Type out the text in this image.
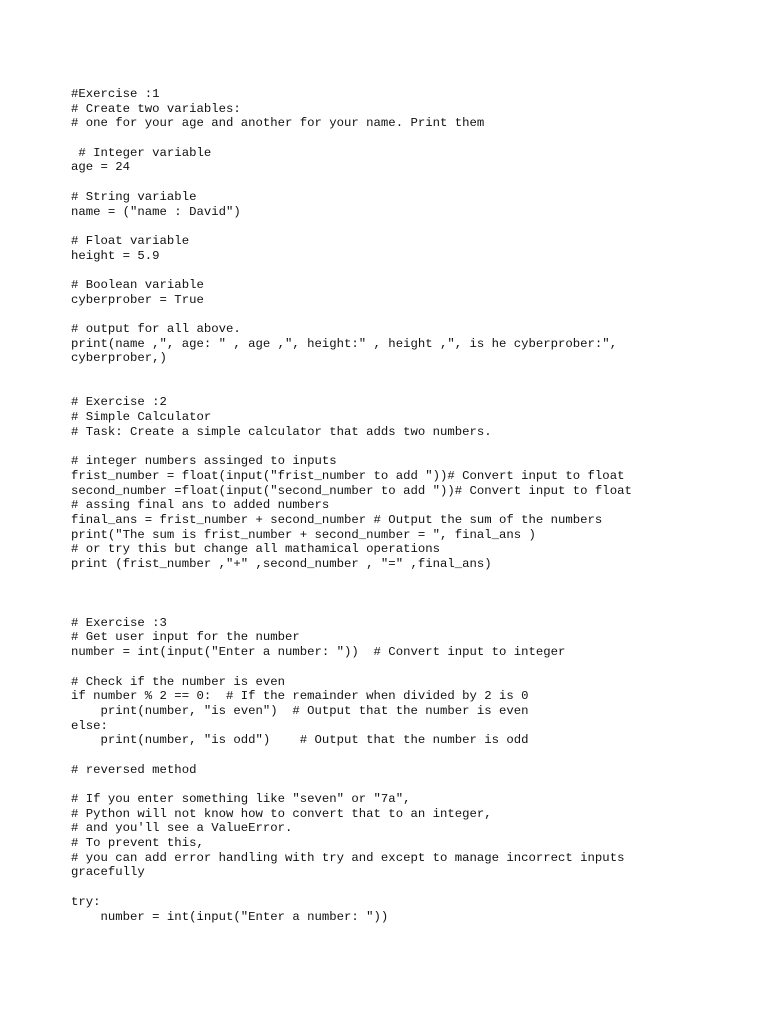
#Exercise :1
# Create two variables:
# one for your age and another for your name. Print them
# Integer variable
age = 24
# String variable
name = ("name : David")
# Float variable
height = 5.9
# Boolean variable
cyberprober = True
# output for all above.
print(name ,", age: " , age ,", height:" , height ,", is he cyberprober:",
cyberprober,)
# Exercise :2
# Simple Calculator
# Task: Create a simple calculator that adds two numbers.
# integer numbers assinged to inputs
frist_number = float(input("frist_number to add "))# Convert input to float
second_number =float(input("second_number to add "))# Convert input to float
# assing final ans to added numbers
final_ans = frist_number + second_number # Output the sum of the numbers
print("The sum is frist_number + second_number = ", final_ans )
# or try this but change all mathamical operations
print (frist_number ,"+" ,second_number , "=" ,final_ans)
# Exercise :3
# Get user input for the number
number = int(input("Enter a number: "))  # Convert input to integer
# Check if the number is even
if number % 2 == 0:  # If the remainder when divided by 2 is 0
print(number, "is even")  # Output that the number is even
else:
print(number, "is odd")    # Output that the number is odd
# reversed method
# If you enter something like "seven" or "7a",
# Python will not know how to convert that to an integer,
# and you'll see a ValueError.
# To prevent this,
# you can add error handling with try and except to manage incorrect inputs
gracefully
try:
number = int(input("Enter a number: "))
